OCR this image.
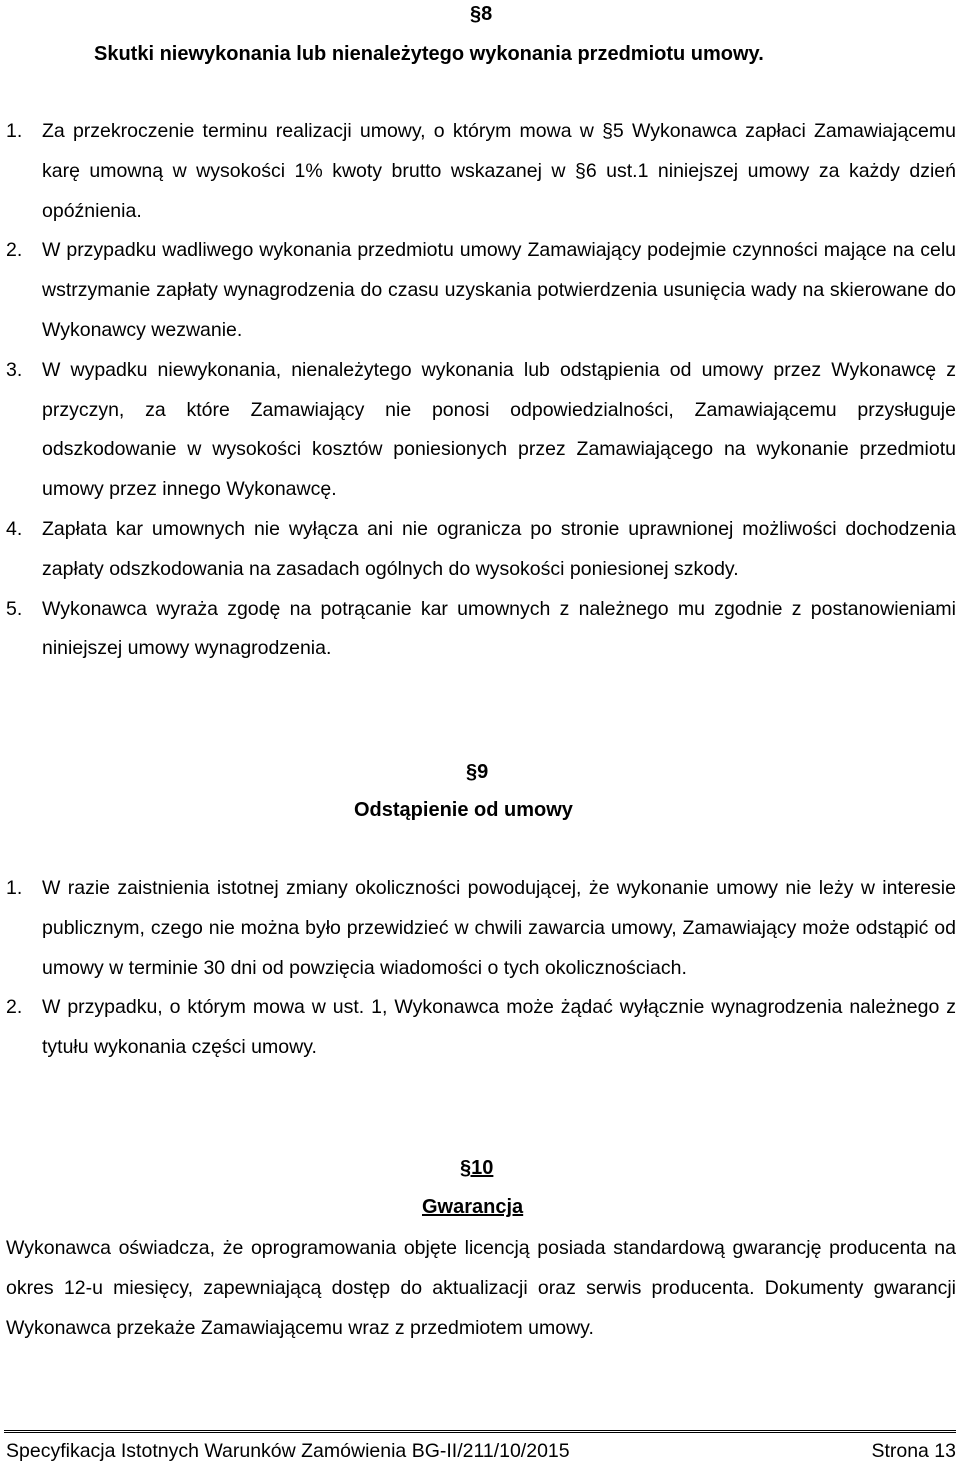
§8
Skutki niewykonania lub nienależytego wykonania przedmiotu umowy.
1. Za przekroczenie terminu realizacji umowy, o którym mowa w §5 Wykonawca zapłaci Zamawiającemu karę umowną w wysokości 1% kwoty brutto wskazanej w §6 ust.1 niniejszej umowy za każdy dzień opóźnienia.
2. W przypadku wadliwego wykonania przedmiotu umowy Zamawiający podejmie czynności mające na celu wstrzymanie zapłaty wynagrodzenia do czasu uzyskania potwierdzenia usunięcia wady na skierowane do Wykonawcy wezwanie.
3. W wypadku niewykonania, nienależytego wykonania lub odstąpienia od umowy przez Wykonawcę z przyczyn, za które Zamawiający nie ponosi odpowiedzialności, Zamawiającemu przysługuje odszkodowanie w wysokości kosztów poniesionych przez Zamawiającego na wykonanie przedmiotu umowy przez innego Wykonawcę.
4. Zapłata kar umownych nie wyłącza ani nie ogranicza po stronie uprawnionej możliwości dochodzenia zapłaty odszkodowania na zasadach ogólnych do wysokości poniesionej szkody.
5. Wykonawca wyraża zgodę na potrącanie kar umownych z należnego mu zgodnie z postanowieniami niniejszej umowy wynagrodzenia.
§9
Odstąpienie od umowy
1. W razie zaistnienia istotnej zmiany okoliczności powodującej, że wykonanie umowy nie leży w interesie publicznym, czego nie można było przewidzieć w chwili zawarcia umowy, Zamawiający może odstąpić od umowy w terminie 30 dni od powzięcia wiadomości o tych okolicznościach.
2. W przypadku, o którym mowa w ust. 1, Wykonawca może żądać wyłącznie wynagrodzenia należnego z tytułu wykonania części umowy.
§10
Gwarancja

Wykonawca oświadcza, że oprogramowania objęte licencją posiada standardową gwarancję producenta na okres 12-u miesięcy, zapewniającą dostęp do aktualizacji oraz serwis producenta. Dokumenty gwarancji Wykonawca przekaże Zamawiającemu wraz z przedmiotem umowy.

Specyfikacja Istotnych Warunków Zamówienia BG-II/211/10/2015	Strona 13
